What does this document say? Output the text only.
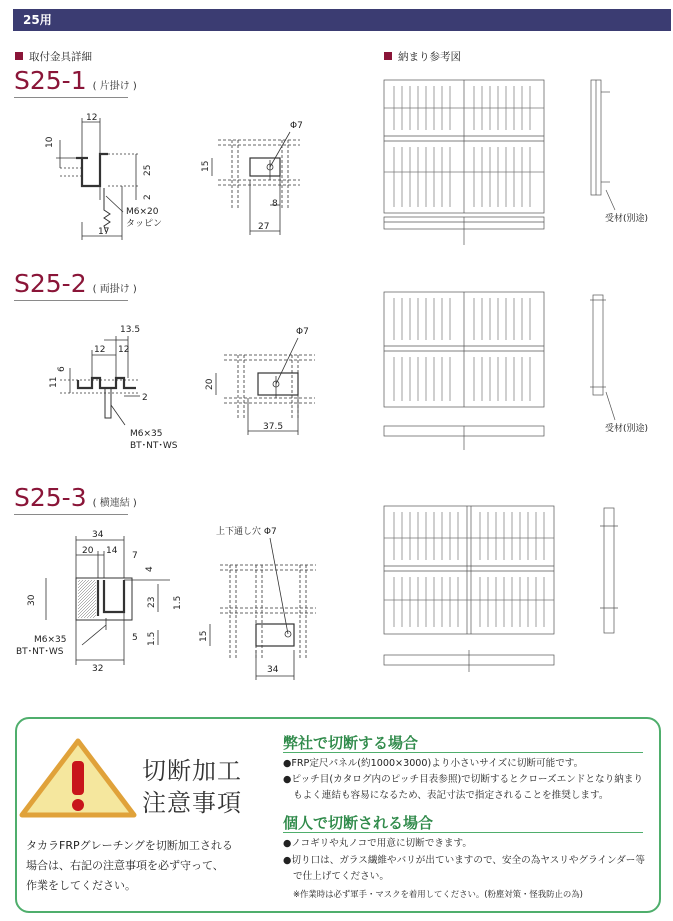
25用
取付金具詳細	納まり参考図
S25-1 ( 片掛け )
S25-2 ( 両掛け )
S25-3 ( 横連結 )
12
10
25
2
17
M6×20
タッピン
Φ7
15
8
27
受材(別途)
13.5
12 12
6
11
2
M6×35
BT･NT･WS
Φ7
20
37.5	受材(別途)
34
20 14 7
4
30	23 1.5
5 1.5
M6×35
BT･NT･WS
32
上下通し穴 Φ7
15
34
切断加工
注意事項
タカラFRPグレーチングを切断加工される
場合は、右記の注意事項を必ず守って、
作業をしてください。
弊社で切断する場合
●FRP定尺パネル(約1000×3000)より小さいサイズに切断可能です。
●ピッチ目(カタログ内のピッチ目表参照)で切断するとクローズエンドとなり納まり
もよく連結も容易になるため、表記寸法で指定されることを推奨します。
個人で切断される場合
●ノコギリや丸ノコで用意に切断できます。
●切り口は、ガラス繊維やバリが出ていますので、安全の為ヤスリやグラインダー等
で仕上げてください。
※作業時は必ず軍手・マスクを着用してください。(粉塵対策・怪我防止の為)
